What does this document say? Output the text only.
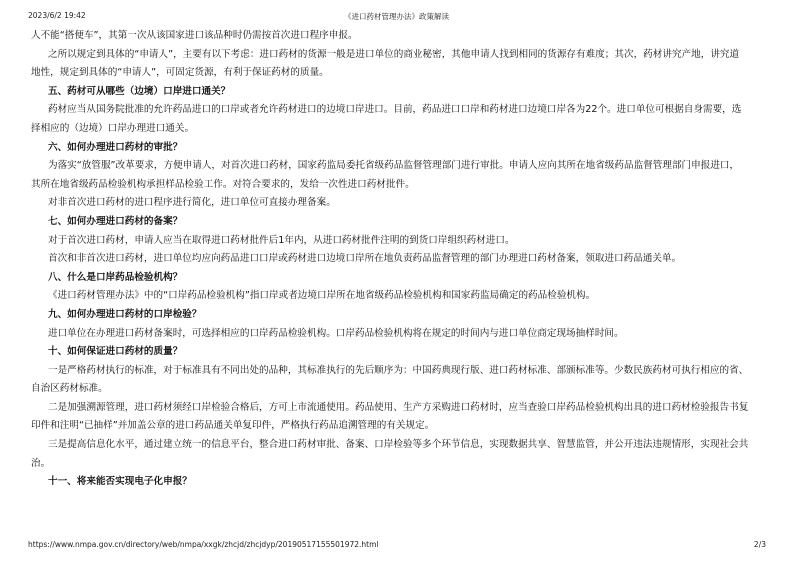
《进口药材管理办法》政策解读
2023/6/2 19:42

人不能“搭便车”，其第一次从该国家进口该品种时仍需按首次进口程序申报。

之所以规定到具体的“申请人”，主要有以下考虑：进口药材的货源一般是进口单位的商业秘密，其他申请人找到相同的货源存有难度；其次，药材讲究产地，讲究道

地性，规定到具体的“申请人”，可固定货源，有利于保证药材的质量。

五、药材可从哪些（边境）口岸进口通关？

药材应当从国务院批准的允许药品进口的口岸或者允许药材进口的边境口岸进口。目前，药品进口口岸和药材进口边境口岸各为22个。进口单位可根据自身需要，选

择相应的（边境）口岸办理进口通关。

六、如何办理进口药材的审批？

为落实“放管服”改革要求，方便申请人，对首次进口药材，国家药监局委托省级药品监督管理部门进行审批。申请人应向其所在地省级药品监督管理部门申报进口，

其所在地省级药品检验机构承担样品检验工作。对符合要求的，发给一次性进口药材批件。

对非首次进口药材的进口程序进行简化，进口单位可直接办理备案。

七、如何办理进口药材的备案？

对于首次进口药材，申请人应当在取得进口药材批件后1年内，从进口药材批件注明的到货口岸组织药材进口。

首次和非首次进口药材，进口单位均应向药品进口口岸或药材进口边境口岸所在地负责药品监督管理的部门办理进口药材备案，领取进口药品通关单。

八、什么是口岸药品检验机构？

《进口药材管理办法》中的“口岸药品检验机构”指口岸或者边境口岸所在地省级药品检验机构和国家药监局确定的药品检验机构。

九、如何办理进口药材的口岸检验？

进口单位在办理进口药材备案时，可选择相应的口岸药品检验机构。口岸药品检验机构将在规定的时间内与进口单位商定现场抽样时间。

十、如何保证进口药材的质量？

一是严格药材执行的标准，对于标准具有不同出处的品种，其标准执行的先后顺序为：中国药典现行版、进口药材标准、部颁标准等。少数民族药材可执行相应的省、

自治区药材标准。

二是加强溯源管理，进口药材须经口岸检验合格后，方可上市流通使用。药品使用、生产方采购进口药材时，应当查验口岸药品检验机构出具的进口药材检验报告书复

印件和注明“已抽样”并加盖公章的进口药品通关单复印件，严格执行药品追溯管理的有关规定。

三是提高信息化水平，通过建立统一的信息平台，整合进口药材审批、备案、口岸检验等多个环节信息，实现数据共享、智慧监管，并公开违法违规情形，实现社会共

治。

十一、将来能否实现电子化申报？

https://www.nmpa.gov.cn/directory/web/nmpa/xxgk/zhcjd/zhcjdyp/20190517155501972.html	2/3
